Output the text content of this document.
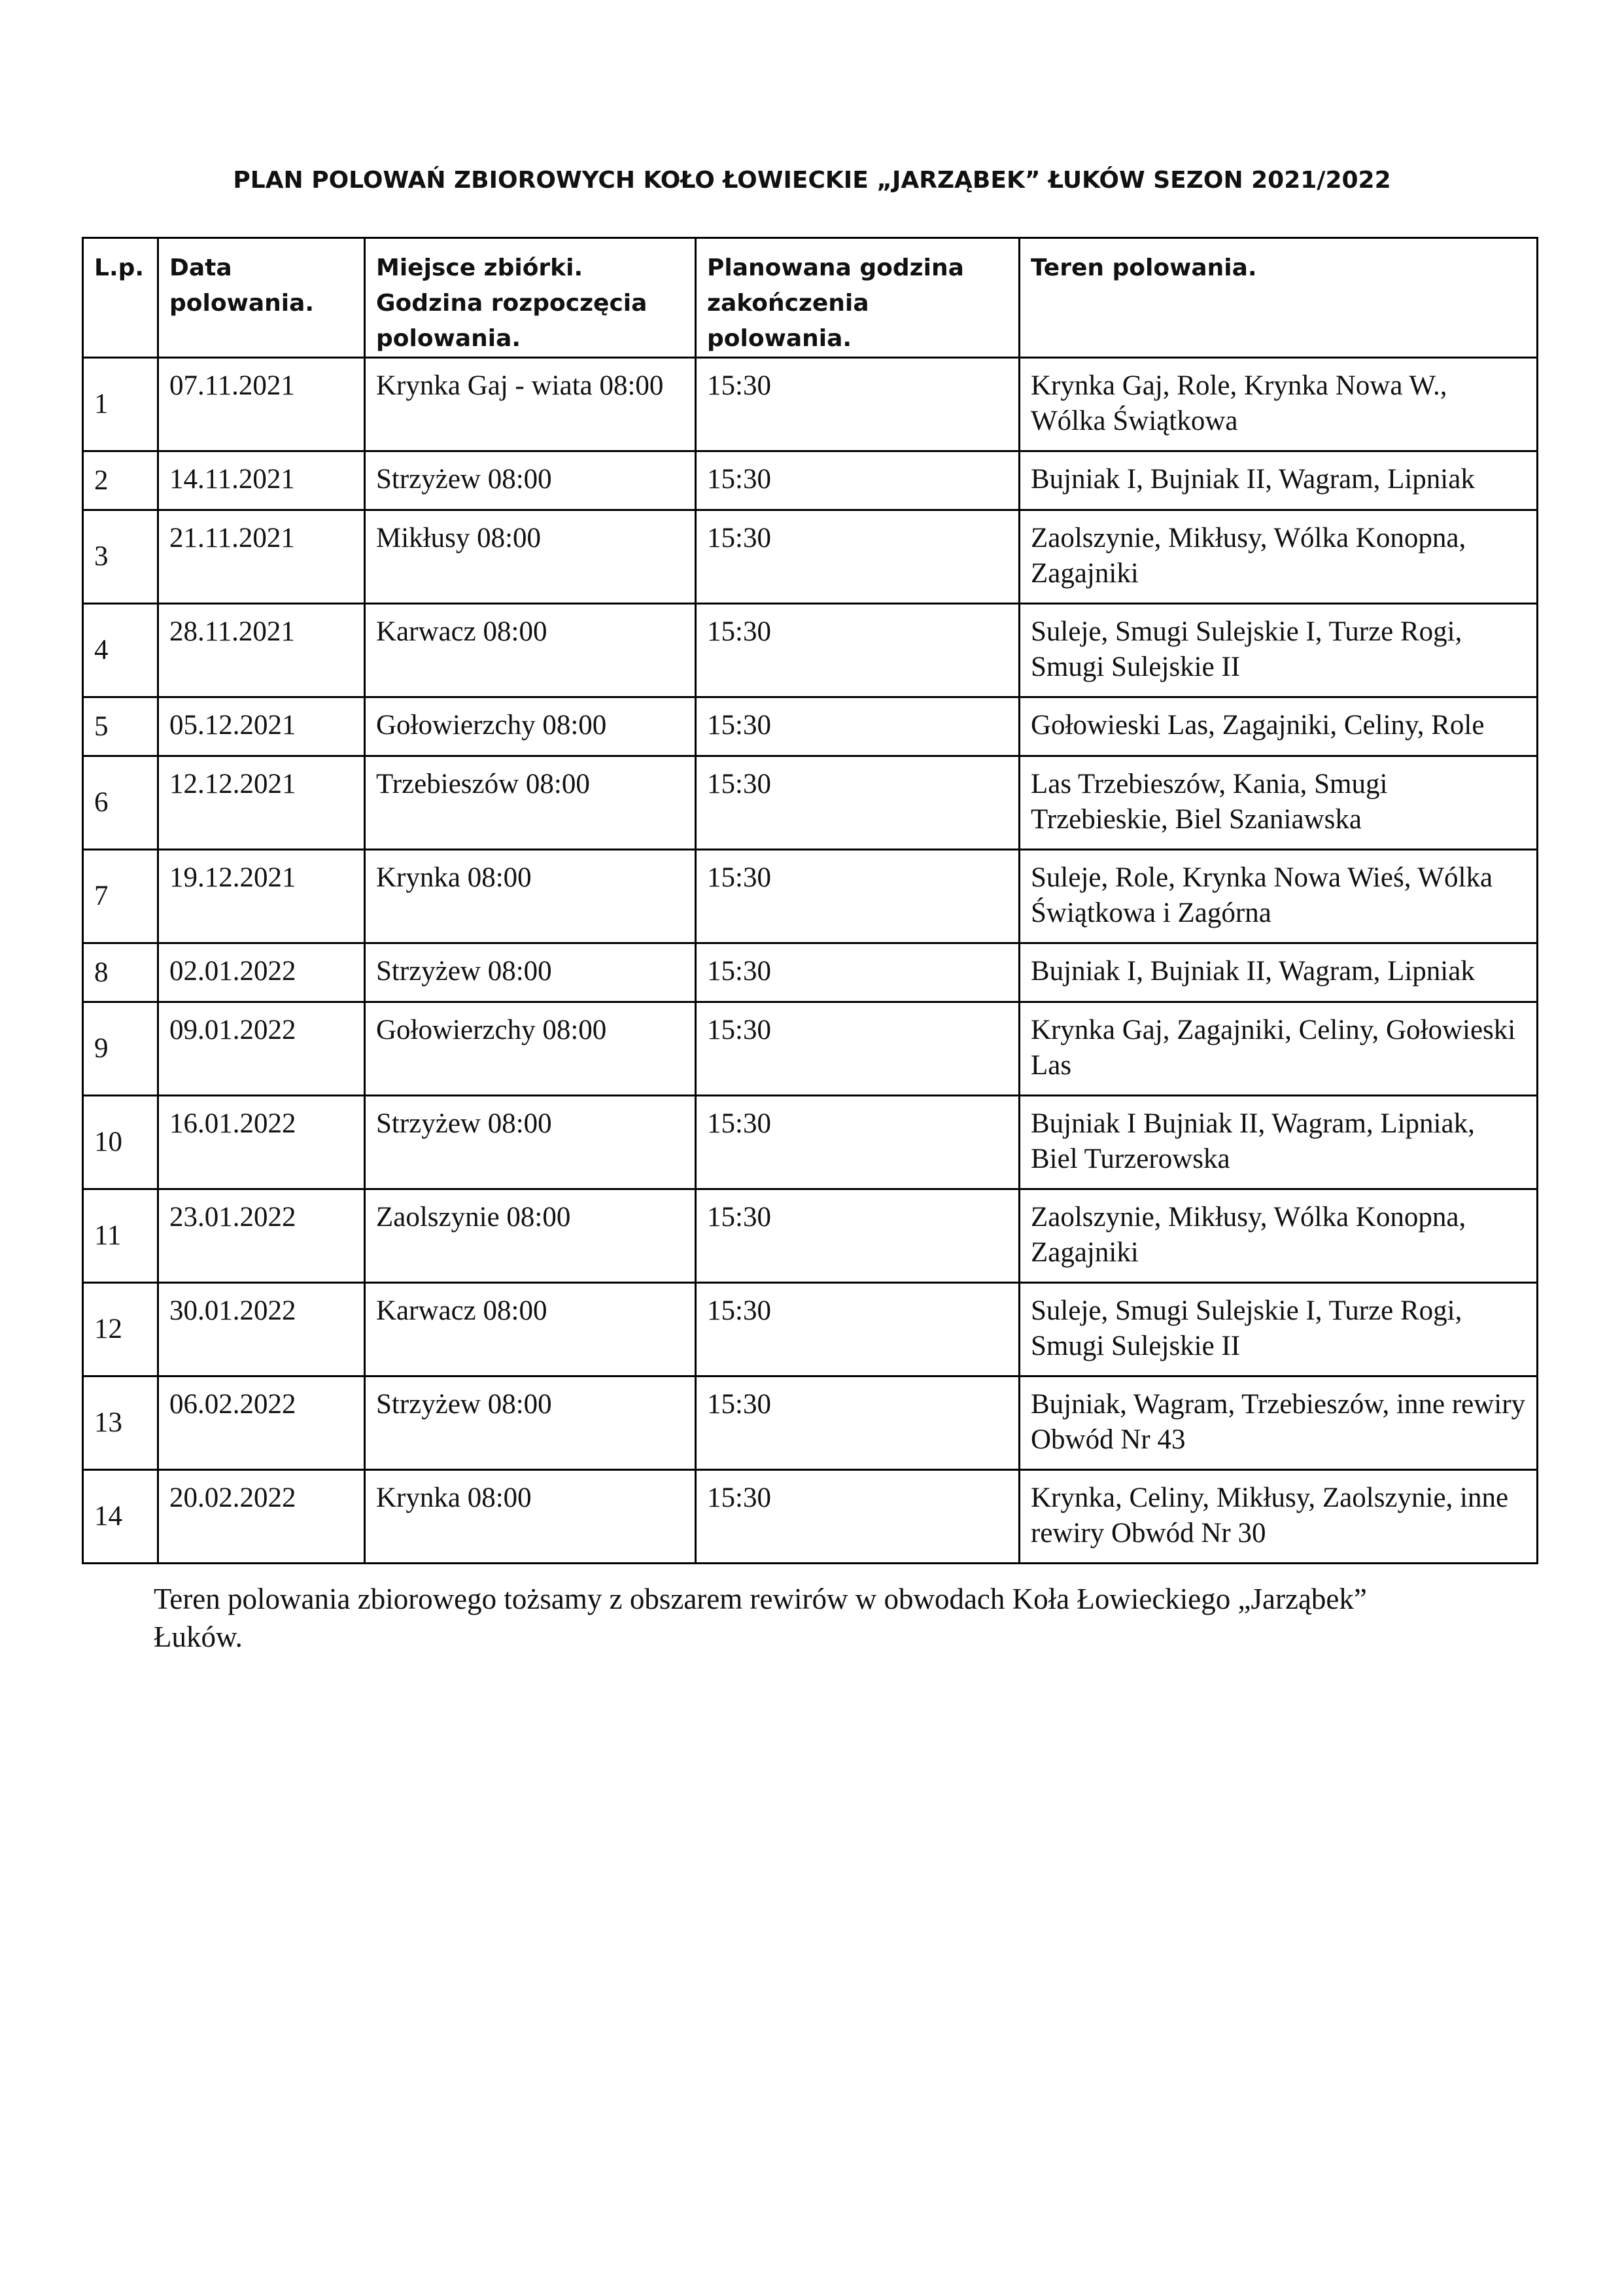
PLAN POLOWAŃ ZBIOROWYCH KOŁO ŁOWIECKIE „JARZĄBEK” ŁUKÓW SEZON 2021/2022
L.p.	Data polowania.	Miejsce zbiórki. Godzina rozpoczęcia polowania.	Planowana godzina zakończenia polowania.	Teren polowania.
1	07.11.2021	Krynka Gaj - wiata 08:00	15:30	Krynka Gaj, Role, Krynka Nowa W., Wólka Świątkowa
2	14.11.2021	Strzyżew 08:00	15:30	Bujniak I, Bujniak II, Wagram, Lipniak
3	21.11.2021	Mikłusy 08:00	15:30	Zaolszynie, Mikłusy, Wólka Konopna, Zagajniki
4	28.11.2021	Karwacz 08:00	15:30	Suleje, Smugi Sulejskie I, Turze Rogi, Smugi Sulejskie II
5	05.12.2021	Gołowierzchy 08:00	15:30	Gołowieski Las, Zagajniki, Celiny, Role
6	12.12.2021	Trzebieszów 08:00	15:30	Las Trzebieszów, Kania, Smugi Trzebieskie, Biel Szaniawska
7	19.12.2021	Krynka 08:00	15:30	Suleje, Role, Krynka Nowa Wieś, Wólka Świątkowa i Zagórna
8	02.01.2022	Strzyżew 08:00	15:30	Bujniak I, Bujniak II, Wagram, Lipniak
9	09.01.2022	Gołowierzchy 08:00	15:30	Krynka Gaj, Zagajniki, Celiny, Gołowieski Las
10	16.01.2022	Strzyżew 08:00	15:30	Bujniak I Bujniak II, Wagram, Lipniak, Biel Turzerowska
11	23.01.2022	Zaolszynie 08:00	15:30	Zaolszynie, Mikłusy, Wólka Konopna, Zagajniki
12	30.01.2022	Karwacz 08:00	15:30	Suleje, Smugi Sulejskie I, Turze Rogi, Smugi Sulejskie II
13	06.02.2022	Strzyżew 08:00	15:30	Bujniak, Wagram, Trzebieszów, inne rewiry Obwód Nr 43
14	20.02.2022	Krynka 08:00	15:30	Krynka, Celiny, Mikłusy, Zaolszynie, inne rewiry Obwód Nr 30

Teren polowania zbiorowego tożsamy z obszarem rewirów w obwodach Koła Łowieckiego „Jarząbek” Łuków.
